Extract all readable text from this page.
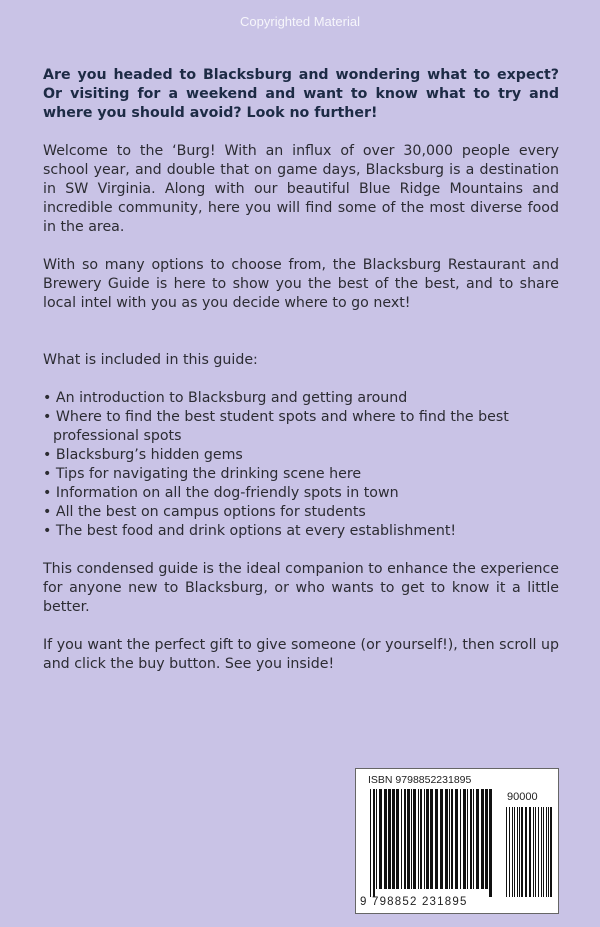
Copyrighted Material

Are you headed to Blacksburg and wondering what to expect? Or visiting for a weekend and want to know what to try and where you should avoid? Look no further!

Welcome to the ‘Burg! With an influx of over 30,000 people every school year, and double that on game days, Blacksburg is a destination in SW Virginia. Along with our beautiful Blue Ridge Mountains and incredible community, here you will find some of the most diverse food in the area.

With so many options to choose from, the Blacksburg Restaurant and Brewery Guide is here to show you the best of the best, and to share local intel with you as you decide where to go next!

What is included in this guide:

• An introduction to Blacksburg and getting around
• Where to find the best student spots and where to find the best professional spots
• Blacksburg’s hidden gems
• Tips for navigating the drinking scene here
• Information on all the dog-friendly spots in town
• All the best on campus options for students
• The best food and drink options at every establishment!

This condensed guide is the ideal companion to enhance the experience for anyone new to Blacksburg, or who wants to get to know it a little better.

If you want the perfect gift to give someone (or yourself!), then scroll up and click the buy button. See you inside!

ISBN 9798852231895
90000
9 798852 231895
